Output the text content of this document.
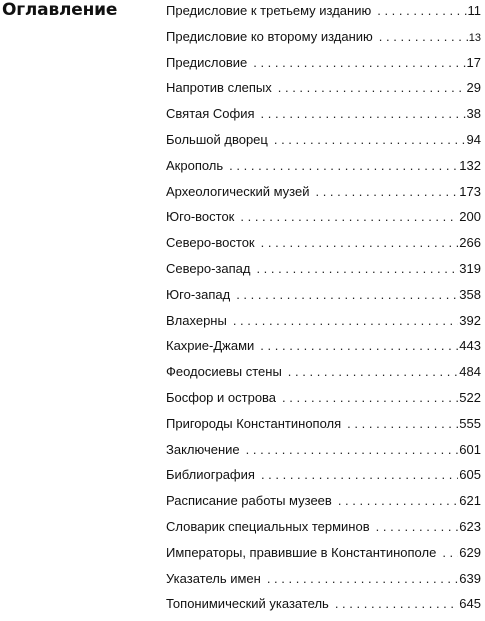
Оглавление	Предисловие к третьему изданию . . .	11
Предисловие ко второму изданию . . .	13
Предисловие . . .	17
Напротив слепых . . .	29
Святая София . . .	38
Большой дворец . . .	94
Акрополь . . .	132
Археологический музей . . .	173
Юго-восток . . .	200
Северо-восток . . .	266
Северо-запад . . .	319
Юго-запад . . .	358
Влахерны . . .	392
Кахрие-Джами . . .	443
Феодосиевы стены . . .	484
Босфор и острова . . .	522
Пригороды Константинополя . . .	555
Заключение . . .	601
Библиография . . .	605
Расписание работы музеев . . .	621
Словарик специальных терминов . . .	623
Императоры, правившие в Константинополе . . .	629
Указатель имен . . .	639
Топонимический указатель . . .	645
